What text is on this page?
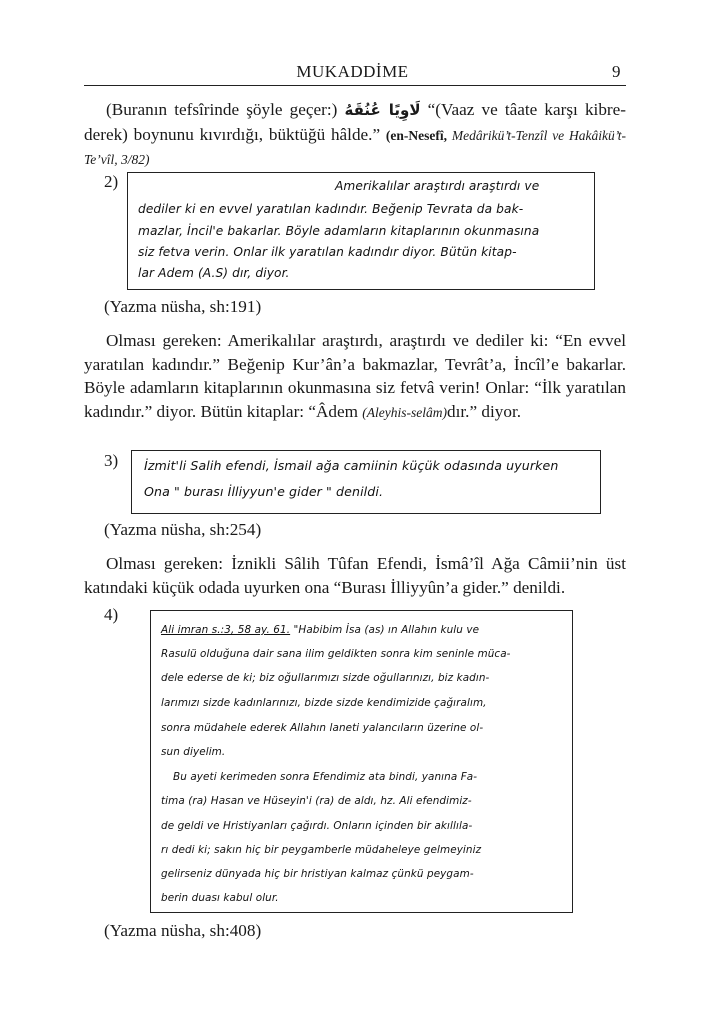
MUKADDİME	9
(Buranın tefsîrinde şöyle geçer:) لَاوِيًا عُنُقَهُ “(Vaaz ve tâate karşı kibre-derek) boynunu kıvırdığı, büktüğü hâlde.” (en-Nesefî, Medârikü’t-Tenzîl ve Hakâikü’t-Te’vîl, 3/82)
2)	Amerikalılar araştırdı araştırdı ve
dediler ki en evvel yaratılan kadındır. Beğenip Tevrata da bak-
mazlar, İncil'e bakarlar. Böyle adamların kitaplarının okunmasına
siz fetva verin. Onlar ilk yaratılan kadındır diyor. Bütün kitap-
lar Adem (A.S) dır, diyor.
(Yazma nüsha, sh:191)
Olması gereken: Amerikalılar araştırdı, araştırdı ve dediler ki: “En evvel yaratılan kadındır.” Beğenip Kur’ân’a bakmazlar, Tevrât’a, İncîl’e bakarlar. Böyle adamların kitaplarının okunmasına siz fetvâ verin! Onlar: “İlk yaratılan kadındır.” diyor. Bütün kitaplar: “Âdem (Aleyhis-selâm)dır.” diyor.
3) İzmit'li Salih efendi, İsmail ağa camiinin küçük odasında uyurken
Ona " burası İlliyyun'e gider " denildi.
(Yazma nüsha, sh:254)
Olması gereken: İznikli Sâlih Tûfan Efendi, İsmâ’îl Ağa Câmii’nin üst katındaki küçük odada uyurken ona “Burası İlliyyûn’a gider.” denildi.
4)
Ali imran s.:3, 58 ay. 61. "Habibim İsa (as) ın Allahın kulu ve
Rasulü olduğuna dair sana ilim geldikten sonra kim seninle müca-
dele ederse de ki; biz oğullarımızı sizde oğullarınızı, biz kadın-
larımızı sizde kadınlarınızı, bizde sizde kendimizide çağıralım,
sonra müdahele ederek Allahın laneti yalancıların üzerine ol-
sun diyelim.
Bu ayeti kerimeden sonra Efendimiz ata bindi, yanına Fa-
tima (ra) Hasan ve Hüseyin'i (ra) de aldı, hz. Ali efendimiz-
de geldi ve Hristiyanları çağırdı. Onların içinden bir akıllıla-
rı dedi ki; sakın hiç bir peygamberle müdaheleye gelmeyiniz
gelirseniz dünyada hiç bir hristiyan kalmaz çünkü peygam-
berin duası kabul olur.
(Yazma nüsha, sh:408)
